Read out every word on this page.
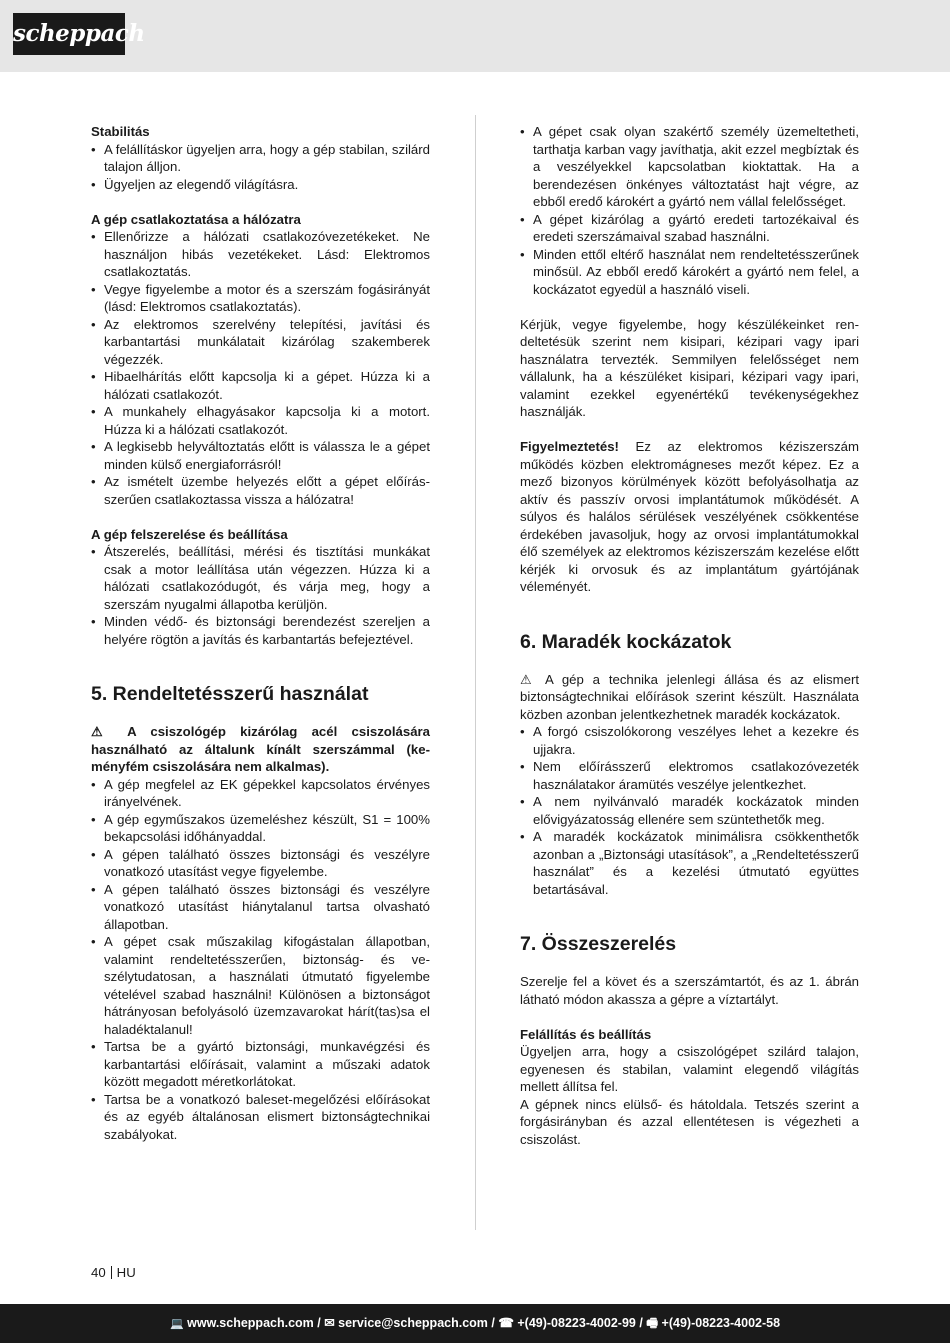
scheppach

Stabilitás

• A felállításkor ügyeljen arra, hogy a gép stabilan, szilárd talajon álljon.
• Ügyeljen az elegendő világításra.

A gép csatlakoztatása a hálózatra

• Ellenőrizze a hálózati csatlakozóvezetékeket. Ne használjon hibás vezetékeket. Lásd: Elektromos csatlakoztatás.
• Vegye figyelembe a motor és a szerszám fogásirányát (lásd: Elektromos csatlakoztatás).
• Az elektromos szerelvény telepítési, javítási és karbantartási munkálatait kizárólag szakemberek végezzék.
• Hibaelhárítás előtt kapcsolja ki a gépet. Húzza ki a hálózati csatlakozót.
• A munkahely elhagyásakor kapcsolja ki a motort. Húzza ki a hálózati csatlakozót.
• A legkisebb helyváltoztatás előtt is válassza le a gépet minden külső energiaforrásról!
• Az ismételt üzembe helyezés előtt a gépet előírásszerűen csatlakoztassa vissza a hálózatra!

A gép felszerelése és beállítása

• Átszerelés, beállítási, mérési és tisztítási munkákat csak a motor leállítása után végezzen. Húzza ki a hálózati csatlakozódugót, és várja meg, hogy a szerszám nyugalmi állapotba kerüljön.
• Minden védő- és biztonsági berendezést szereljen a helyére rögtön a javítás és karbantartás befejeztével.

5. Rendeltetésszerű használat

⚠ A csiszológép kizárólag acél csiszolására használható az általunk kínált szerszámmal (keményfém csiszolására nem alkalmas).

• A gép megfelel az EK gépekkel kapcsolatos érvényes irányelvének.
• A gép egyműszakos üzemeléshez készült, S1 = 100% bekapcsolási időhányaddal.
• A gépen található összes biztonsági és veszélyre vonatkozó utasítást vegye figyelembe.
• A gépen található összes biztonsági és veszélyre vonatkozó utasítást hiánytalanul tartsa olvasható állapotban.
• A gépet csak műszakilag kifogástalan állapotban, valamint rendeltetésszerűen, biztonság- és veszélytudatosan, a használati útmutató figyelembe vételével szabad használni! Különösen a biztonságot hátrányosan befolyásoló üzemzavarokat hárít(tas)sa el haladéktalanul!
• Tartsa be a gyártó biztonsági, munkavégzési és karbantartási előírásait, valamint a műszaki adatok között megadott méretkorlátokat.
• Tartsa be a vonatkozó baleset-megelőzési előírásokat és az egyéb általánosan elismert biztonságtechnikai szabályokat.
• A gépet csak olyan szakértő személy üzemeltetheti, tarthatja karban vagy javíthatja, akit ezzel megbíztak és a veszélyekkel kapcsolatban kioktattak. Ha a berendezésen önkényes változtatást hajt végre, az ebből eredő károkért a gyártó nem vállal felelősséget.
• A gépet kizárólag a gyártó eredeti tartozékaival és eredeti szerszámaival szabad használni.
• Minden ettől eltérő használat nem rendeltetésszеrűnek minősül. Az ebből eredő károkért a gyártó nem felel, a kockázatot egyedül a használó viseli.

Kérjük, vegye figyelembe, hogy készülékeinket rendeltetésük szerint nem kisipari, kézipari vagy ipari használatra tervezték. Semmilyen felelősséget nem vállalunk, ha a készüléket kisipari, kézipari vagy ipari, valamint ezekkel egyenértékű tevékenységekhez használják.

Figyelmeztetés! Ez az elektromos kéziszerszám működés közben elektromágneses mezőt képez. Ez a mező bizonyos körülmények között befolyásolhatja az aktív és passzív orvosi implantátumok működését. A súlyos és halálos sérülések veszélyének csökkentése érdekében javasoljuk, hogy az orvosi implantátumokkal élő személyek az elektromos kéziszerszám kezelése előtt kérjék ki orvosuk és az implantátum gyártójának véleményét.

6. Maradék kockázatok

⚠ A gép a technika jelenlegi állása és az elismert biztonságtechnikai előírások szerint készült. Használata közben azonban jelentkezhetnek maradék kockázatok.

• A forgó csiszolókorong veszélyes lehet a kezekre és ujjakra.
• Nem előírásszerű elektromos csatlakozóvezeték használatakor áramütés veszélye jelentkezhet.
• A nem nyilvánvaló maradék kockázatok minden elővigyázatosság ellenére sem szüntethetők meg.
• A maradék kockázatok minimálisra csökkenthetők azonban a „Biztonsági utasítások”, a „Rendeltetésszerű használat” és a kezelési útmutató együttes betartásával.

7. Összeszerelés

Szerelje fel a követ és a szerszámtartót, és az 1. ábrán látható módon akassza a gépre a víztartályt.

Felállítás és beállítás

Ügyeljen arra, hogy a csiszológépet szilárd talajon, egyenesen és stabilan, valamint elegendő világítás mellett állítsa fel.

A gépnek nincs elülső- és hátoldala. Tetszés szerint a forgásirányban és azzal ellentétesen is végezheti a csiszolást.

40 HU
💻 www.scheppach.com / ✉ service@scheppach.com / ☎ +(49)-08223-4002-99 / 🖷 +(49)-08223-4002-58
